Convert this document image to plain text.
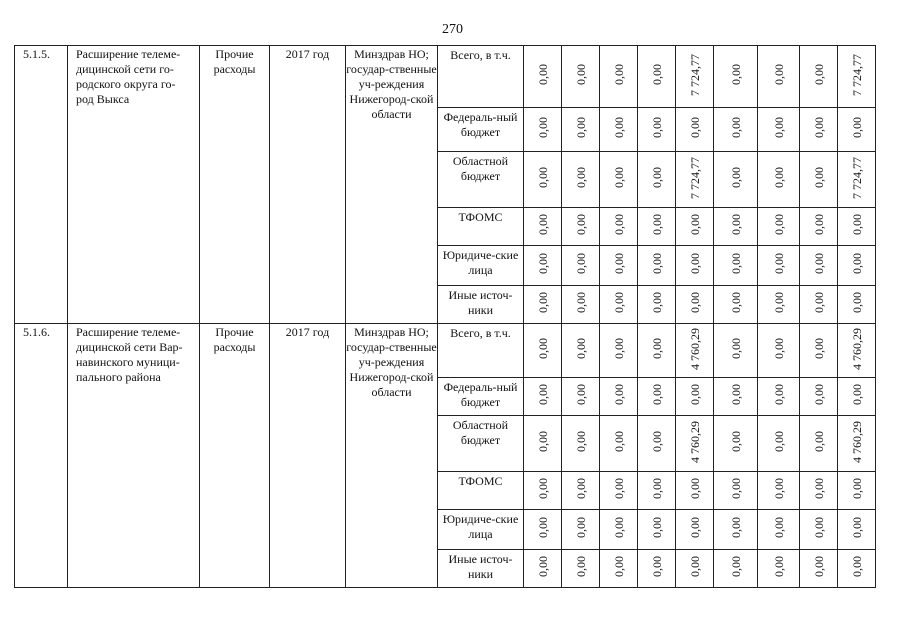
270
5.1.5.	Расширение телеме-дицинской сети го-родского округа го-род Выкса	Прочие расходы	2017 год	Минздрав НО; государ-ственные уч-реждения Нижегород-ской области	Всего, в т.ч.	0,00	0,00	0,00	0,00	7 724,77	0,00	0,00	0,00	7 724,77
					Федераль-ный бюджет	0,00	0,00	0,00	0,00	0,00	0,00	0,00	0,00	0,00
					Областной бюджет	0,00	0,00	0,00	0,00	7 724,77	0,00	0,00	0,00	7 724,77
					ТФОМС	0,00	0,00	0,00	0,00	0,00	0,00	0,00	0,00	0,00
					Юридиче-ские лица	0,00	0,00	0,00	0,00	0,00	0,00	0,00	0,00	0,00
					Иные источ-ники	0,00	0,00	0,00	0,00	0,00	0,00	0,00	0,00	0,00
5.1.6.	Расширение телеме-дицинской сети Вар-навинского муници-пального района	Прочие расходы	2017 год	Минздрав НО; государ-ственные уч-реждения Нижегород-ской области	Всего, в т.ч.	0,00	0,00	0,00	0,00	4 760,29	0,00	0,00	0,00	4 760,29
					Федераль-ный бюджет	0,00	0,00	0,00	0,00	0,00	0,00	0,00	0,00	0,00
					Областной бюджет	0,00	0,00	0,00	0,00	4 760,29	0,00	0,00	0,00	4 760,29
					ТФОМС	0,00	0,00	0,00	0,00	0,00	0,00	0,00	0,00	0,00
					Юридиче-ские лица	0,00	0,00	0,00	0,00	0,00	0,00	0,00	0,00	0,00
					Иные источ-ники	0,00	0,00	0,00	0,00	0,00	0,00	0,00	0,00	0,00
